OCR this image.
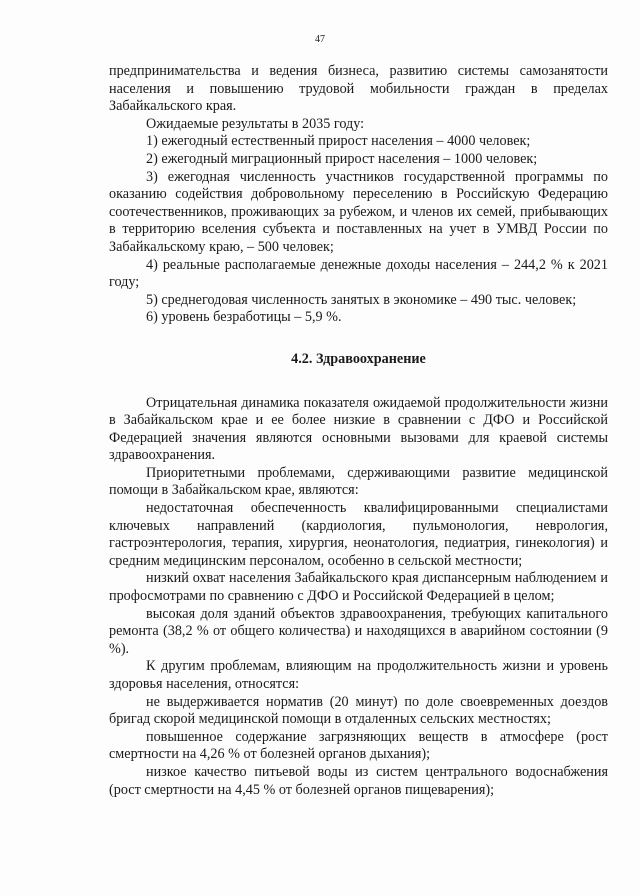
47

предпринимательства и ведения бизнеса, развитию системы самозанятости населения и повышению трудовой мобильности граждан в пределах Забайкальского края.

Ожидаемые результаты в 2035 году:

1) ежегодный естественный прирост населения – 4000 человек;

2) ежегодный миграционный прирост населения – 1000 человек;

3) ежегодная численность участников государственной программы по оказанию содействия добровольному переселению в Российскую Федерацию соотечественников, проживающих за рубежом, и членов их семей, прибывающих в территорию вселения субъекта и поставленных на учет в УМВД России по Забайкальскому краю, – 500 человек;

4) реальные располагаемые денежные доходы населения – 244,2 % к 2021 году;

5) среднегодовая численность занятых в экономике – 490 тыс. человек;

6) уровень безработицы – 5,9 %.

4.2. Здравоохранение

Отрицательная динамика показателя ожидаемой продолжительности жизни в Забайкальском крае и ее более низкие в сравнении с ДФО и Российской Федерацией значения являются основными вызовами для краевой системы здравоохранения.

Приоритетными проблемами, сдерживающими развитие медицинской помощи в Забайкальском крае, являются:

недостаточная обеспеченность квалифицированными специалистами ключевых направлений (кардиология, пульмонология, неврология, гастроэнтерология, терапия, хирургия, неонатология, педиатрия, гинекология) и средним медицинским персоналом, особенно в сельской местности;

низкий охват населения Забайкальского края диспансерным наблюдением и профосмотрами по сравнению с ДФО и Российской Федерацией в целом;

высокая доля зданий объектов здравоохранения, требующих капитального ремонта (38,2 % от общего количества) и находящихся в аварийном состоянии (9 %).

К другим проблемам, влияющим на продолжительность жизни и уровень здоровья населения, относятся:

не выдерживается норматив (20 минут) по доле своевременных доездов бригад скорой медицинской помощи в отдаленных сельских местностях;

повышенное содержание загрязняющих веществ в атмосфере (рост смертности на 4,26 % от болезней органов дыхания);

низкое качество питьевой воды из систем центрального водоснабжения (рост смертности на 4,45 % от болезней органов пищеварения);
